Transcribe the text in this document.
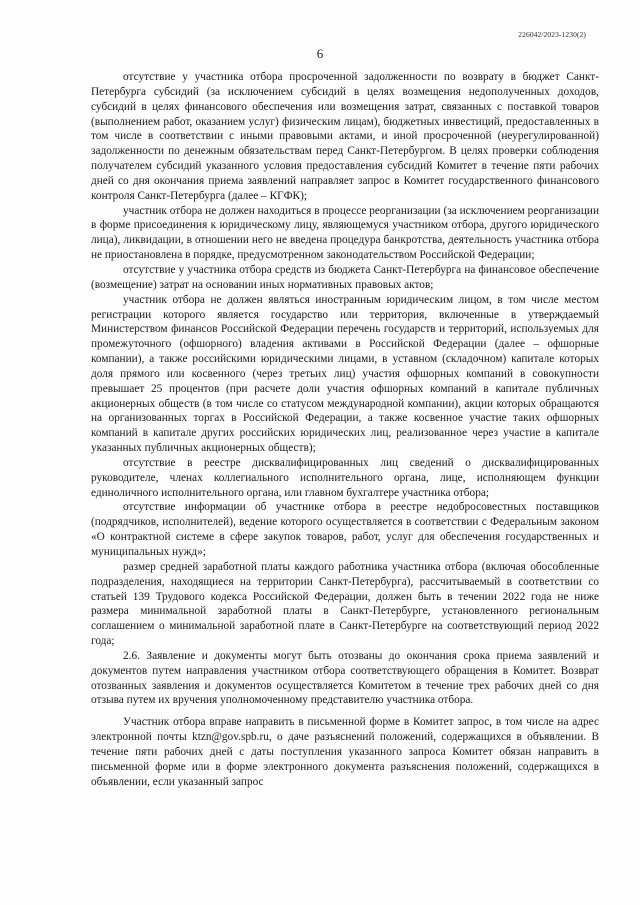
226042/2023-1230(2)
6

отсутствие у участника отбора просроченной задолженности по возврату в бюджет Санкт-Петербурга субсидий (за исключением субсидий в целях возмещения недополученных доходов, субсидий в целях финансового обеспечения или возмещения затрат, связанных с поставкой товаров (выполнением работ, оказанием услуг) физическим лицам), бюджетных инвестиций, предоставленных в том числе в соответствии с иными правовыми актами, и иной просроченной (неурегулированной) задолженности по денежным обязательствам перед Санкт-Петербургом. В целях проверки соблюдения получателем субсидий указанного условия предоставления субсидий Комитет в течение пяти рабочих дней со дня окончания приема заявлений направляет запрос в Комитет государственного финансового контроля Санкт-Петербурга (далее – КГФК);

участник отбора не должен находиться в процессе реорганизации (за исключением реорганизации в форме присоединения к юридическому лицу, являющемуся участником отбора, другого юридического лица), ликвидации, в отношении него не введена процедура банкротства, деятельность участника отбора не приостановлена в порядке, предусмотренном законодательством Российской Федерации;

отсутствие у участника отбора средств из бюджета Санкт-Петербурга на финансовое обеспечение (возмещение) затрат на основании иных нормативных правовых актов;

участник отбора не должен являться иностранным юридическим лицом, в том числе местом регистрации которого является государство или территория, включенные в утверждаемый Министерством финансов Российской Федерации перечень государств и территорий, используемых для промежуточного (офшорного) владения активами в Российской Федерации (далее – офшорные компании), а также российскими юридическими лицами, в уставном (складочном) капитале которых доля прямого или косвенного (через третьих лиц) участия офшорных компаний в совокупности превышает 25 процентов (при расчете доли участия офшорных компаний в капитале публичных акционерных обществ (в том числе со статусом международной компании), акции которых обращаются на организованных торгах в Российской Федерации, а также косвенное участие таких офшорных компаний в капитале других российских юридических лиц, реализованное через участие в капитале указанных публичных акционерных обществ);

отсутствие в реестре дисквалифицированных лиц сведений о дисквалифицированных руководителе, членах коллегиального исполнительного органа, лице, исполняющем функции единоличного исполнительного органа, или главном бухгалтере участника отбора;

отсутствие информации об участнике отбора в реестре недобросовестных поставщиков (подрядчиков, исполнителей), ведение которого осуществляется в соответствии с Федеральным законом «О контрактной системе в сфере закупок товаров, работ, услуг для обеспечения государственных и муниципальных нужд»;

размер средней заработной платы каждого работника участника отбора (включая обособленные подразделения, находящиеся на территории Санкт-Петербурга), рассчитываемый в соответствии со статьей 139 Трудового кодекса Российской Федерации, должен быть в течении 2022 года не ниже размера минимальной заработной платы в Санкт-Петербурге, установленного региональным соглашением о минимальной заработной плате в Санкт-Петербурге на соответствующий период 2022 года;

2.6. Заявление и документы могут быть отозваны до окончания срока приема заявлений и документов путем направления участником отбора соответствующего обращения в Комитет. Возврат отозванных заявления и документов осуществляется Комитетом в течение трех рабочих дней со дня отзыва путем их вручения уполномоченному представителю участника отбора.

Участник отбора вправе направить в письменной форме в Комитет запрос, в том числе на адрес электронной почты ktzn@gov.spb.ru, о даче разъяснений положений, содержащихся в объявлении. В течение пяти рабочих дней с даты поступления указанного запроса Комитет обязан направить в письменной форме или в форме электронного документа разъяснения положений, содержащихся в объявлении, если указанный запрос
